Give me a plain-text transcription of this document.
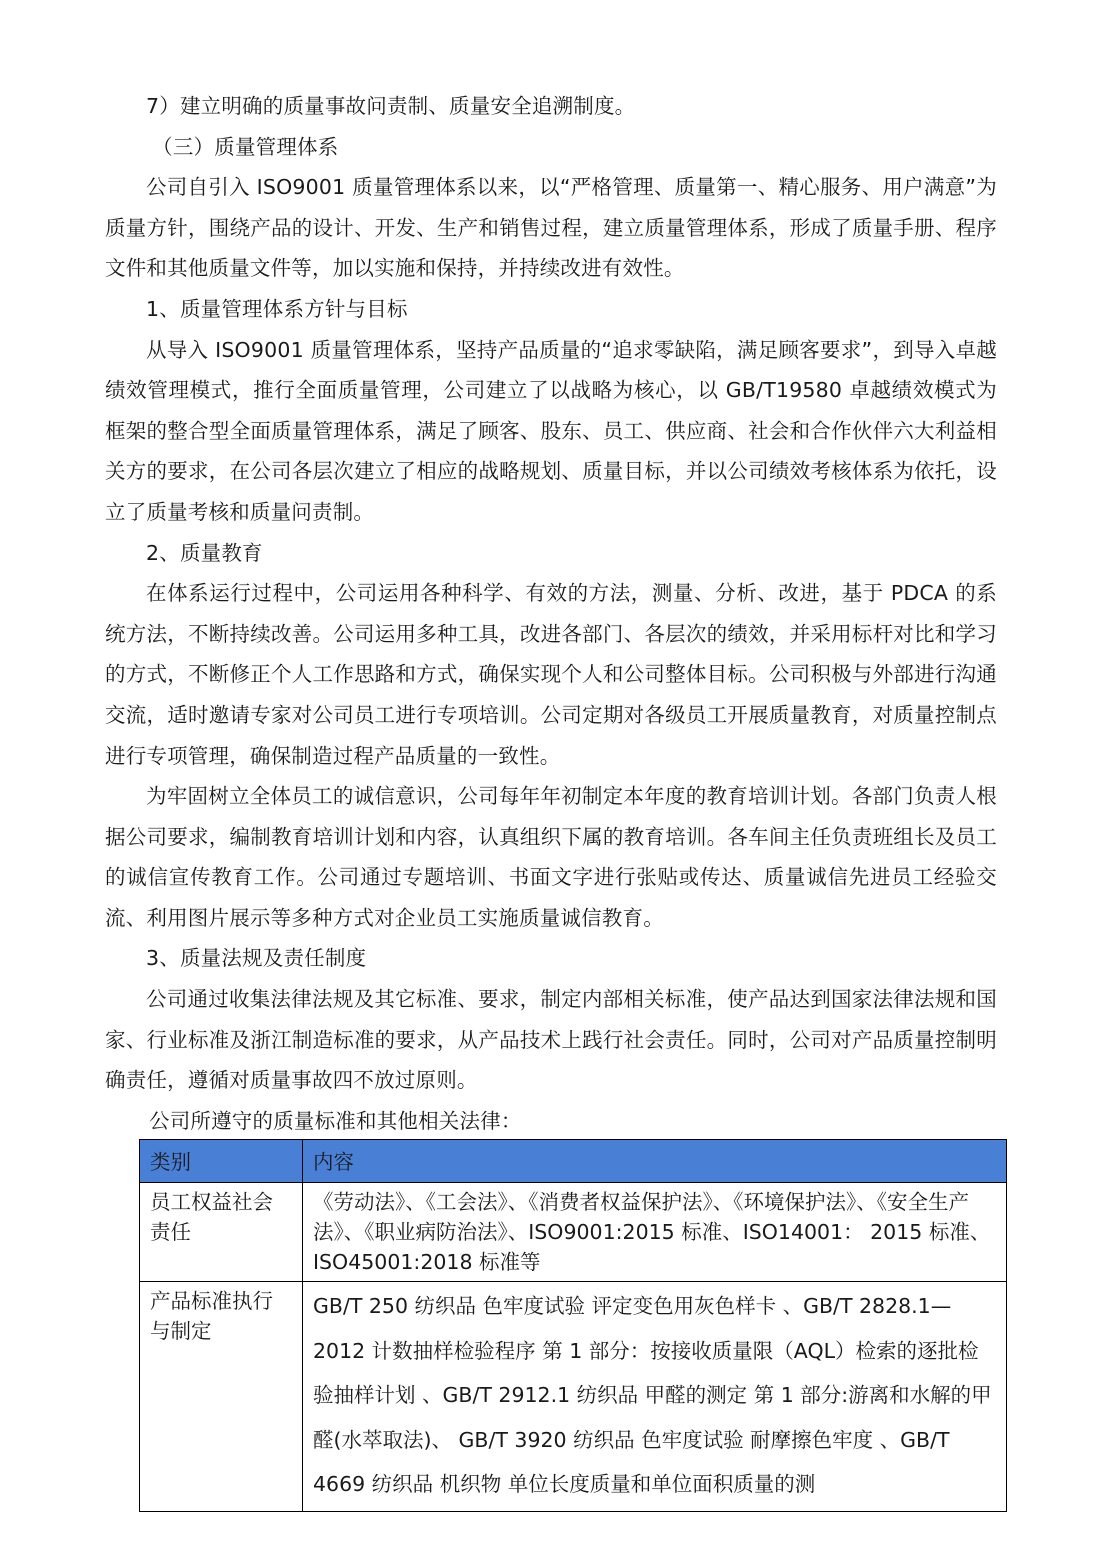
7）建立明确的质量事故问责制、质量安全追溯制度。

（三）质量管理体系

公司自引入 ISO9001 质量管理体系以来，以“严格管理、质量第一、精心服务、用户满意”为质量方针，围绕产品的设计、开发、生产和销售过程，建立质量管理体系，形成了质量手册、程序文件和其他质量文件等，加以实施和保持，并持续改进有效性。

1、质量管理体系方针与目标

从导入 ISO9001 质量管理体系，坚持产品质量的“追求零缺陷，满足顾客要求”，到导入卓越绩效管理模式，推行全面质量管理，公司建立了以战略为核心，以 GB/T19580 卓越绩效模式为框架的整合型全面质量管理体系，满足了顾客、股东、员工、供应商、社会和合作伙伴六大利益相关方的要求，在公司各层次建立了相应的战略规划、质量目标，并以公司绩效考核体系为依托，设立了质量考核和质量问责制。

2、质量教育

在体系运行过程中，公司运用各种科学、有效的方法，测量、分析、改进，基于 PDCA 的系统方法，不断持续改善。公司运用多种工具，改进各部门、各层次的绩效，并采用标杆对比和学习的方式，不断修正个人工作思路和方式，确保实现个人和公司整体目标。公司积极与外部进行沟通交流，适时邀请专家对公司员工进行专项培训。公司定期对各级员工开展质量教育，对质量控制点进行专项管理，确保制造过程产品质量的一致性。

为牢固树立全体员工的诚信意识，公司每年年初制定本年度的教育培训计划。各部门负责人根据公司要求，编制教育培训计划和内容，认真组织下属的教育培训。各车间主任负责班组长及员工的诚信宣传教育工作。公司通过专题培训、书面文字进行张贴或传达、质量诚信先进员工经验交流、利用图片展示等多种方式对企业员工实施质量诚信教育。

3、质量法规及责任制度

公司通过收集法律法规及其它标准、要求，制定内部相关标准，使产品达到国家法律法规和国家、行业标准及浙江制造标准的要求，从产品技术上践行社会责任。同时，公司对产品质量控制明确责任，遵循对质量事故四不放过原则。

公司所遵守的质量标准和其他相关法律：

类别	内容
员工权益社会责任	《劳动法》、《工会法》、《消费者权益保护法》、《环境保护法》、《安全生产法》、《职业病防治法》、ISO9001:2015 标准、ISO14001： 2015 标准、ISO45001:2018 标准等
产品标准执行与制定	GB/T 250 纺织品 色牢度试验 评定变色用灰色样卡 、GB/T 2828.1—2012 计数抽样检验程序 第 1 部分：按接收质量限（AQL）检索的逐批检验抽样计划 、GB/T 2912.1 纺织品 甲醛的测定 第 1 部分:游离和水解的甲醛(水萃取法)、 GB/T 3920 纺织品 色牢度试验 耐摩擦色牢度 、GB/T 4669 纺织品 机织物 单位长度质量和单位面积质量的测
